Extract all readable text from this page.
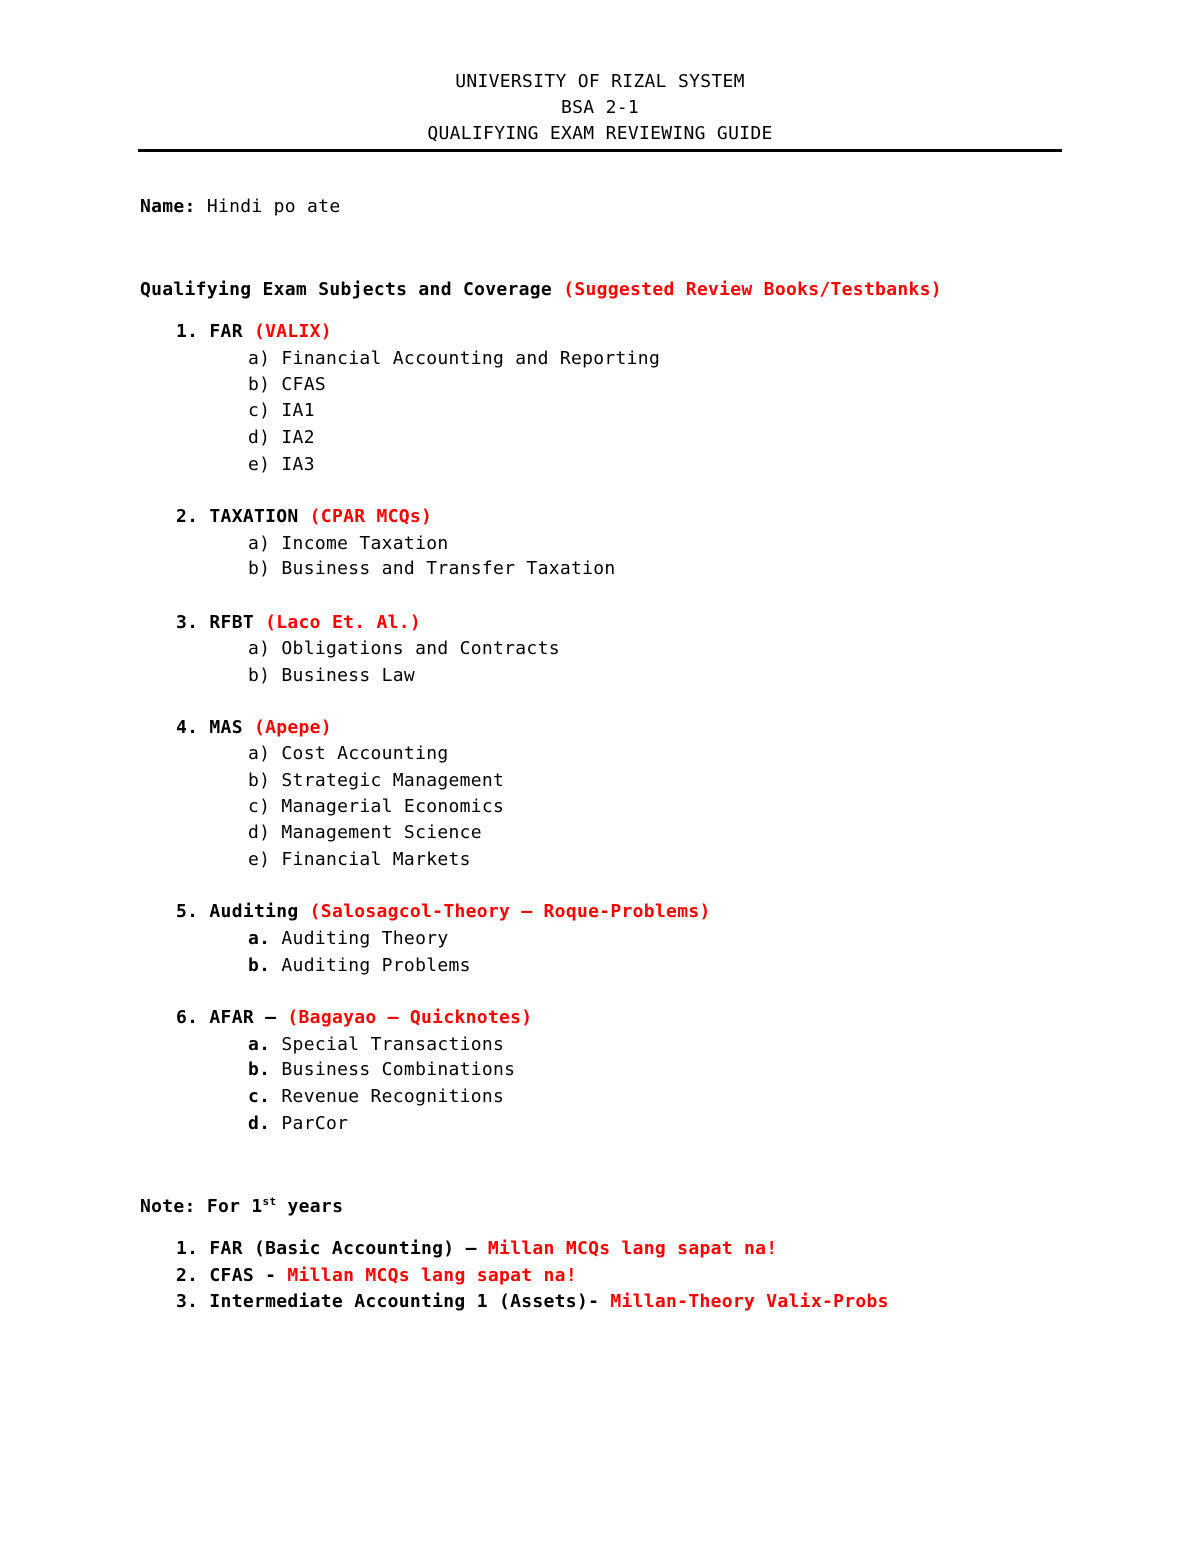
UNIVERSITY OF RIZAL SYSTEM
BSA 2-1
QUALIFYING EXAM REVIEWING GUIDE
Name: Hindi po ate
Qualifying Exam Subjects and Coverage (Suggested Review Books/Testbanks)
1. FAR (VALIX)
a) Financial Accounting and Reporting
b) CFAS
c) IA1
d) IA2
e) IA3
2. TAXATION (CPAR MCQs)
a) Income Taxation
b) Business and Transfer Taxation
3. RFBT (Laco Et. Al.)
a) Obligations and Contracts
b) Business Law
4. MAS (Apepe)
a) Cost Accounting
b) Strategic Management
c) Managerial Economics
d) Management Science
e) Financial Markets
5. Auditing (Salosagcol-Theory – Roque-Problems)
a. Auditing Theory
b. Auditing Problems
6. AFAR – (Bagayao – Quicknotes)
a. Special Transactions
b. Business Combinations
c. Revenue Recognitions
d. ParCor
Note: For 1st years
1. FAR (Basic Accounting) – Millan MCQs lang sapat na!
2. CFAS - Millan MCQs lang sapat na!
3. Intermediate Accounting 1 (Assets)- Millan-Theory Valix-Probs
